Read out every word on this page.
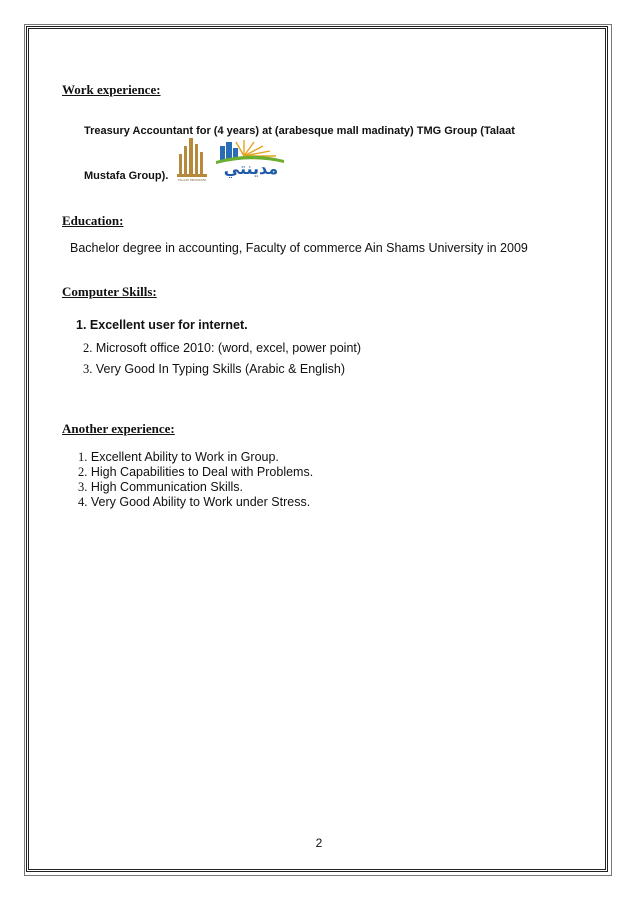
Work experience:
Treasury Accountant for (4 years) at (arabesque mall madinaty) TMG Group (Talaat
Mustafa Group).	TALAAT MOUSTAFA
مدينتي
Education:
Bachelor degree in accounting, Faculty of commerce Ain Shams University in 2009
Computer Skills:
1. Excellent user for internet.
2. Microsoft office 2010: (word, excel, power point)
3. Very Good In Typing Skills (Arabic & English)
Another experience:
1. Excellent Ability to Work in Group.
2. High Capabilities to Deal with Problems.
3. High Communication Skills.
4. Very Good Ability to Work under Stress.
2
